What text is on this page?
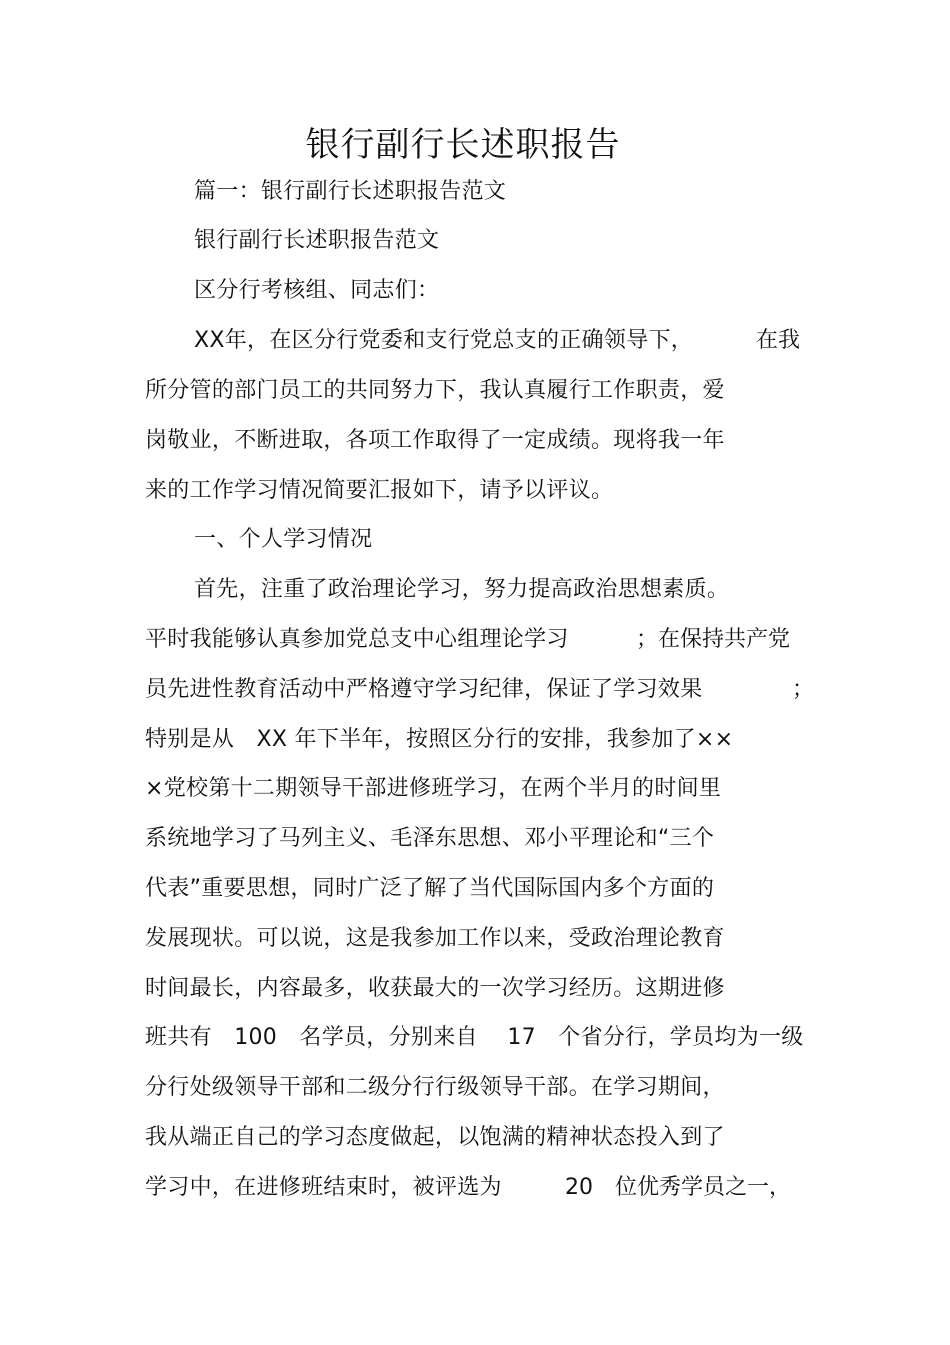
银行副行长述职报告
篇一：银行副行长述职报告范文
银行副行长述职报告范文
区分行考核组、同志们：
XX年，在区分行党委和支行党总支的正确领导下，	在我
所分管的部门员工的共同努力下，我认真履行工作职责，爱
岗敬业，不断进取，各项工作取得了一定成绩。现将我一年
来的工作学习情况简要汇报如下，请予以评议。
一、个人学习情况
首先，注重了政治理论学习，努力提高政治思想素质。
平时我能够认真参加党总支中心组理论学习	；在保持共产党
员先进性教育活动中严格遵守学习纪律，保证了学习效果	；
特别是从　XX 年下半年，按照区分行的安排，我参加了××
×党校第十二期领导干部进修班学习，在两个半月的时间里
系统地学习了马列主义、毛泽东思想、邓小平理论和“三个
代表”重要思想，同时广泛了解了当代国际国内多个方面的
发展现状。可以说，这是我参加工作以来，受政治理论教育
时间最长，内容最多，收获最大的一次学习经历。这期进修
班共有　100　名学员，分别来自　 17　个省分行，学员均为一级
分行处级领导干部和二级分行行级领导干部。在学习期间，
我从端正自己的学习态度做起，以饱满的精神状态投入到了
学习中，在进修班结束时，被评选为	20　位优秀学员之一，
